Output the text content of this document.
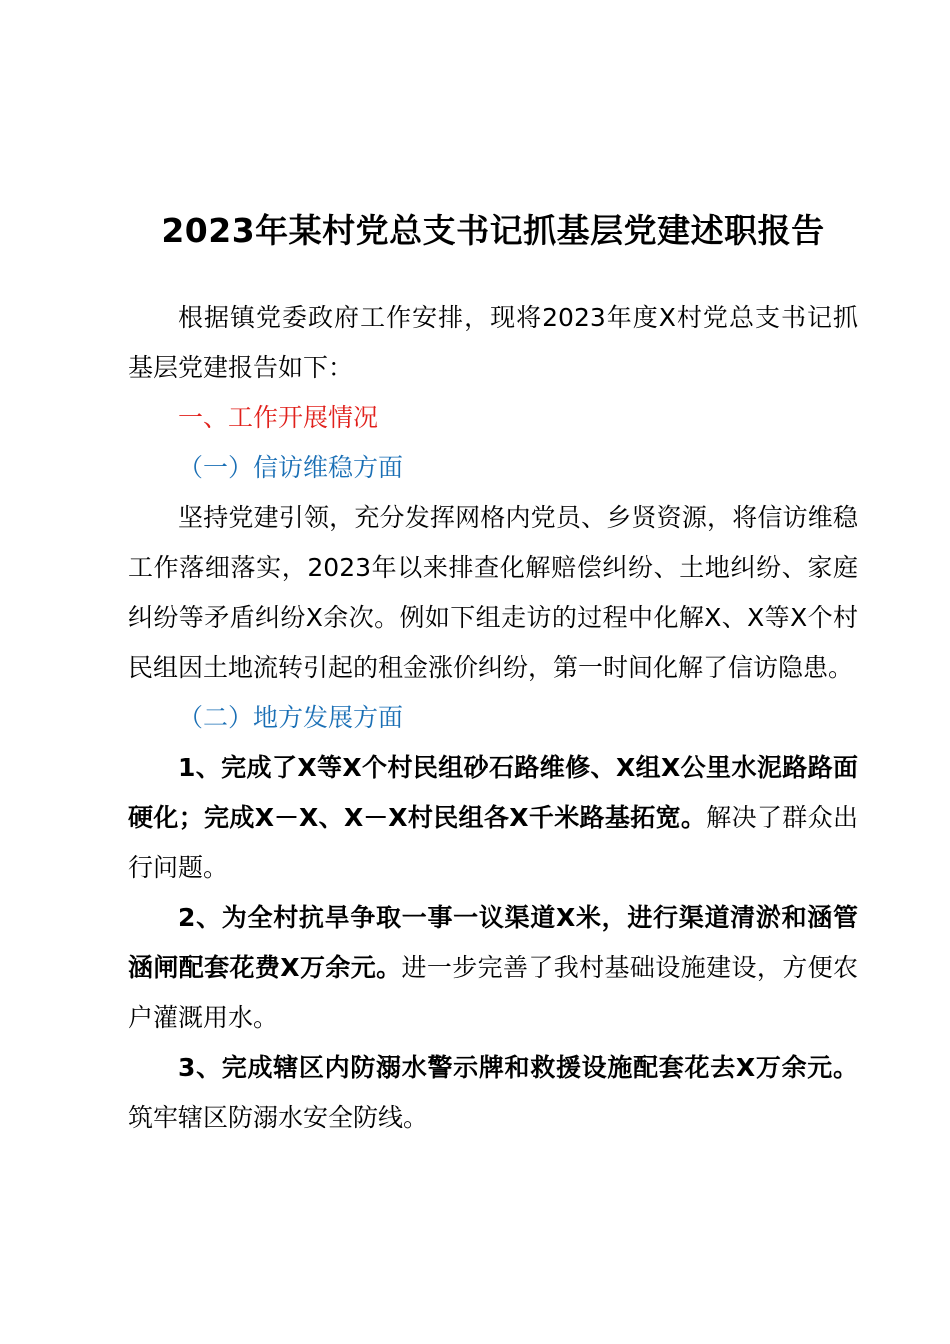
2023年某村党总支书记抓基层党建述职报告

根据镇党委政府工作安排，现将2023年度X村党总支书记抓基层党建报告如下：

一、工作开展情况

（一）信访维稳方面

坚持党建引领，充分发挥网格内党员、乡贤资源，将信访维稳工作落细落实，2023年以来排查化解赔偿纠纷、土地纠纷、家庭纠纷等矛盾纠纷X余次。例如下组走访的过程中化解X、X等X个村民组因土地流转引起的租金涨价纠纷，第一时间化解了信访隐患。

（二）地方发展方面

1、完成了X等X个村民组砂石路维修、X组X公里水泥路路面硬化；完成X－X、X－X村民组各X千米路基拓宽。解决了群众出行问题。

2、为全村抗旱争取一事一议渠道X米，进行渠道清淤和涵管涵闸配套花费X万余元。进一步完善了我村基础设施建设，方便农户灌溉用水。

3、完成辖区内防溺水警示牌和救援设施配套花去X万余元。筑牢辖区防溺水安全防线。
